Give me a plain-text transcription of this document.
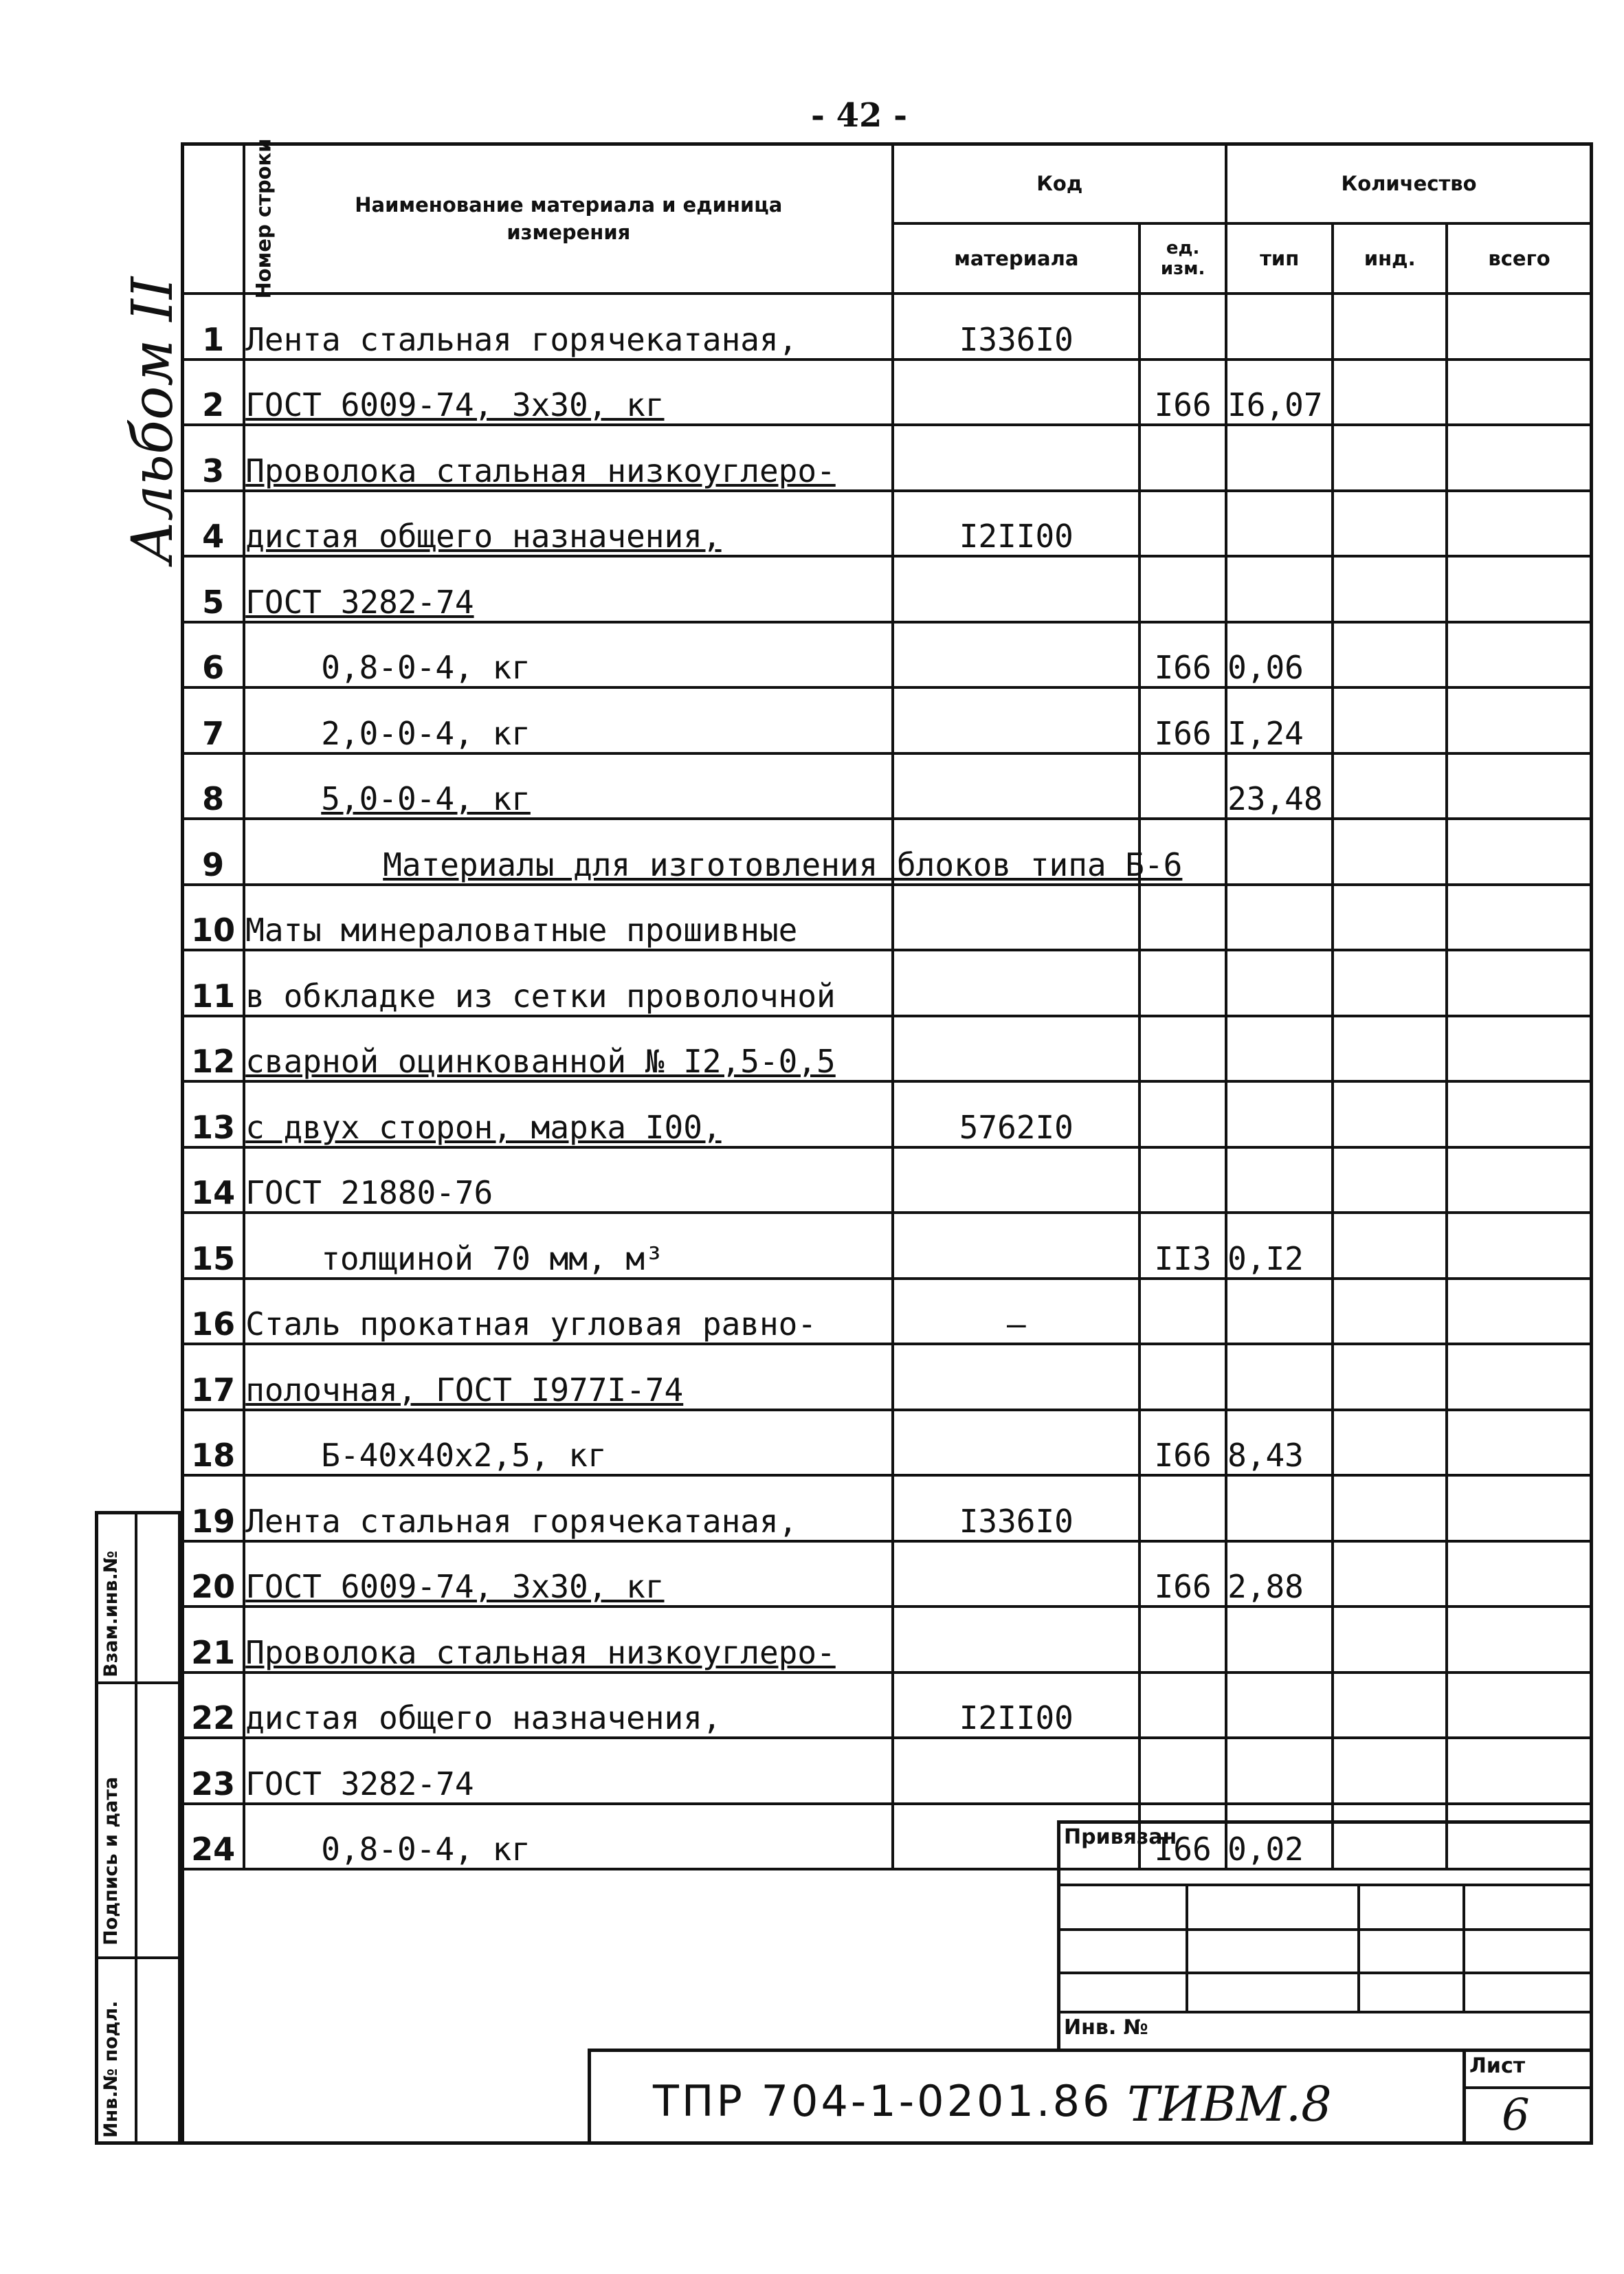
- 42 -
Альбом II
Взам.инв.№
Подпись и дата
Инв.№ подл.
Номер строки	Наименование материала и единица измерения	Код		Количество		
		материала	ед. изм.	тип	инд.	всего
1	Лента стальная горячекатаная,	I336I0				
2	ГОСТ 6009-74, 3х30, кг		I66	I6,07		
3	Проволока стальная низкоуглеро-					
4	дистая общего назначения,	I2II00				
5	ГОСТ 3282-74					
6	0,8-0-4, кг		I66	0,06		
7	2,0-0-4, кг		I66	I,24		
8	5,0-0-4, кг			23,48		
9	Материалы для изготовления блоков типа Б-6					
10	Маты минераловатные прошивные					
11	в обкладке из сетки проволочной					
12	сварной оцинкованной № I2,5-0,5					
13	с двух сторон, марка I00,	5762I0				
14	ГОСТ 21880-76					
15	толщиной 70 мм, м³		II3	0,I2		
16	Сталь прокатная угловая равно-	—				
17	полочная, ГОСТ I977I-74					
18	Б-40х40х2,5, кг		I66	8,43		
19	Лента стальная горячекатаная,	I336I0				
20	ГОСТ 6009-74, 3х30, кг		I66	2,88		
21	Проволока стальная низкоуглеро-					
22	дистая общего назначения,	I2II00				
23	ГОСТ 3282-74					
24	0,8-0-4, кг		I66	0,02		
Привязан
Инв. №
ТПР 704-1-0201.86 ТИВМ.8
Лист
6
